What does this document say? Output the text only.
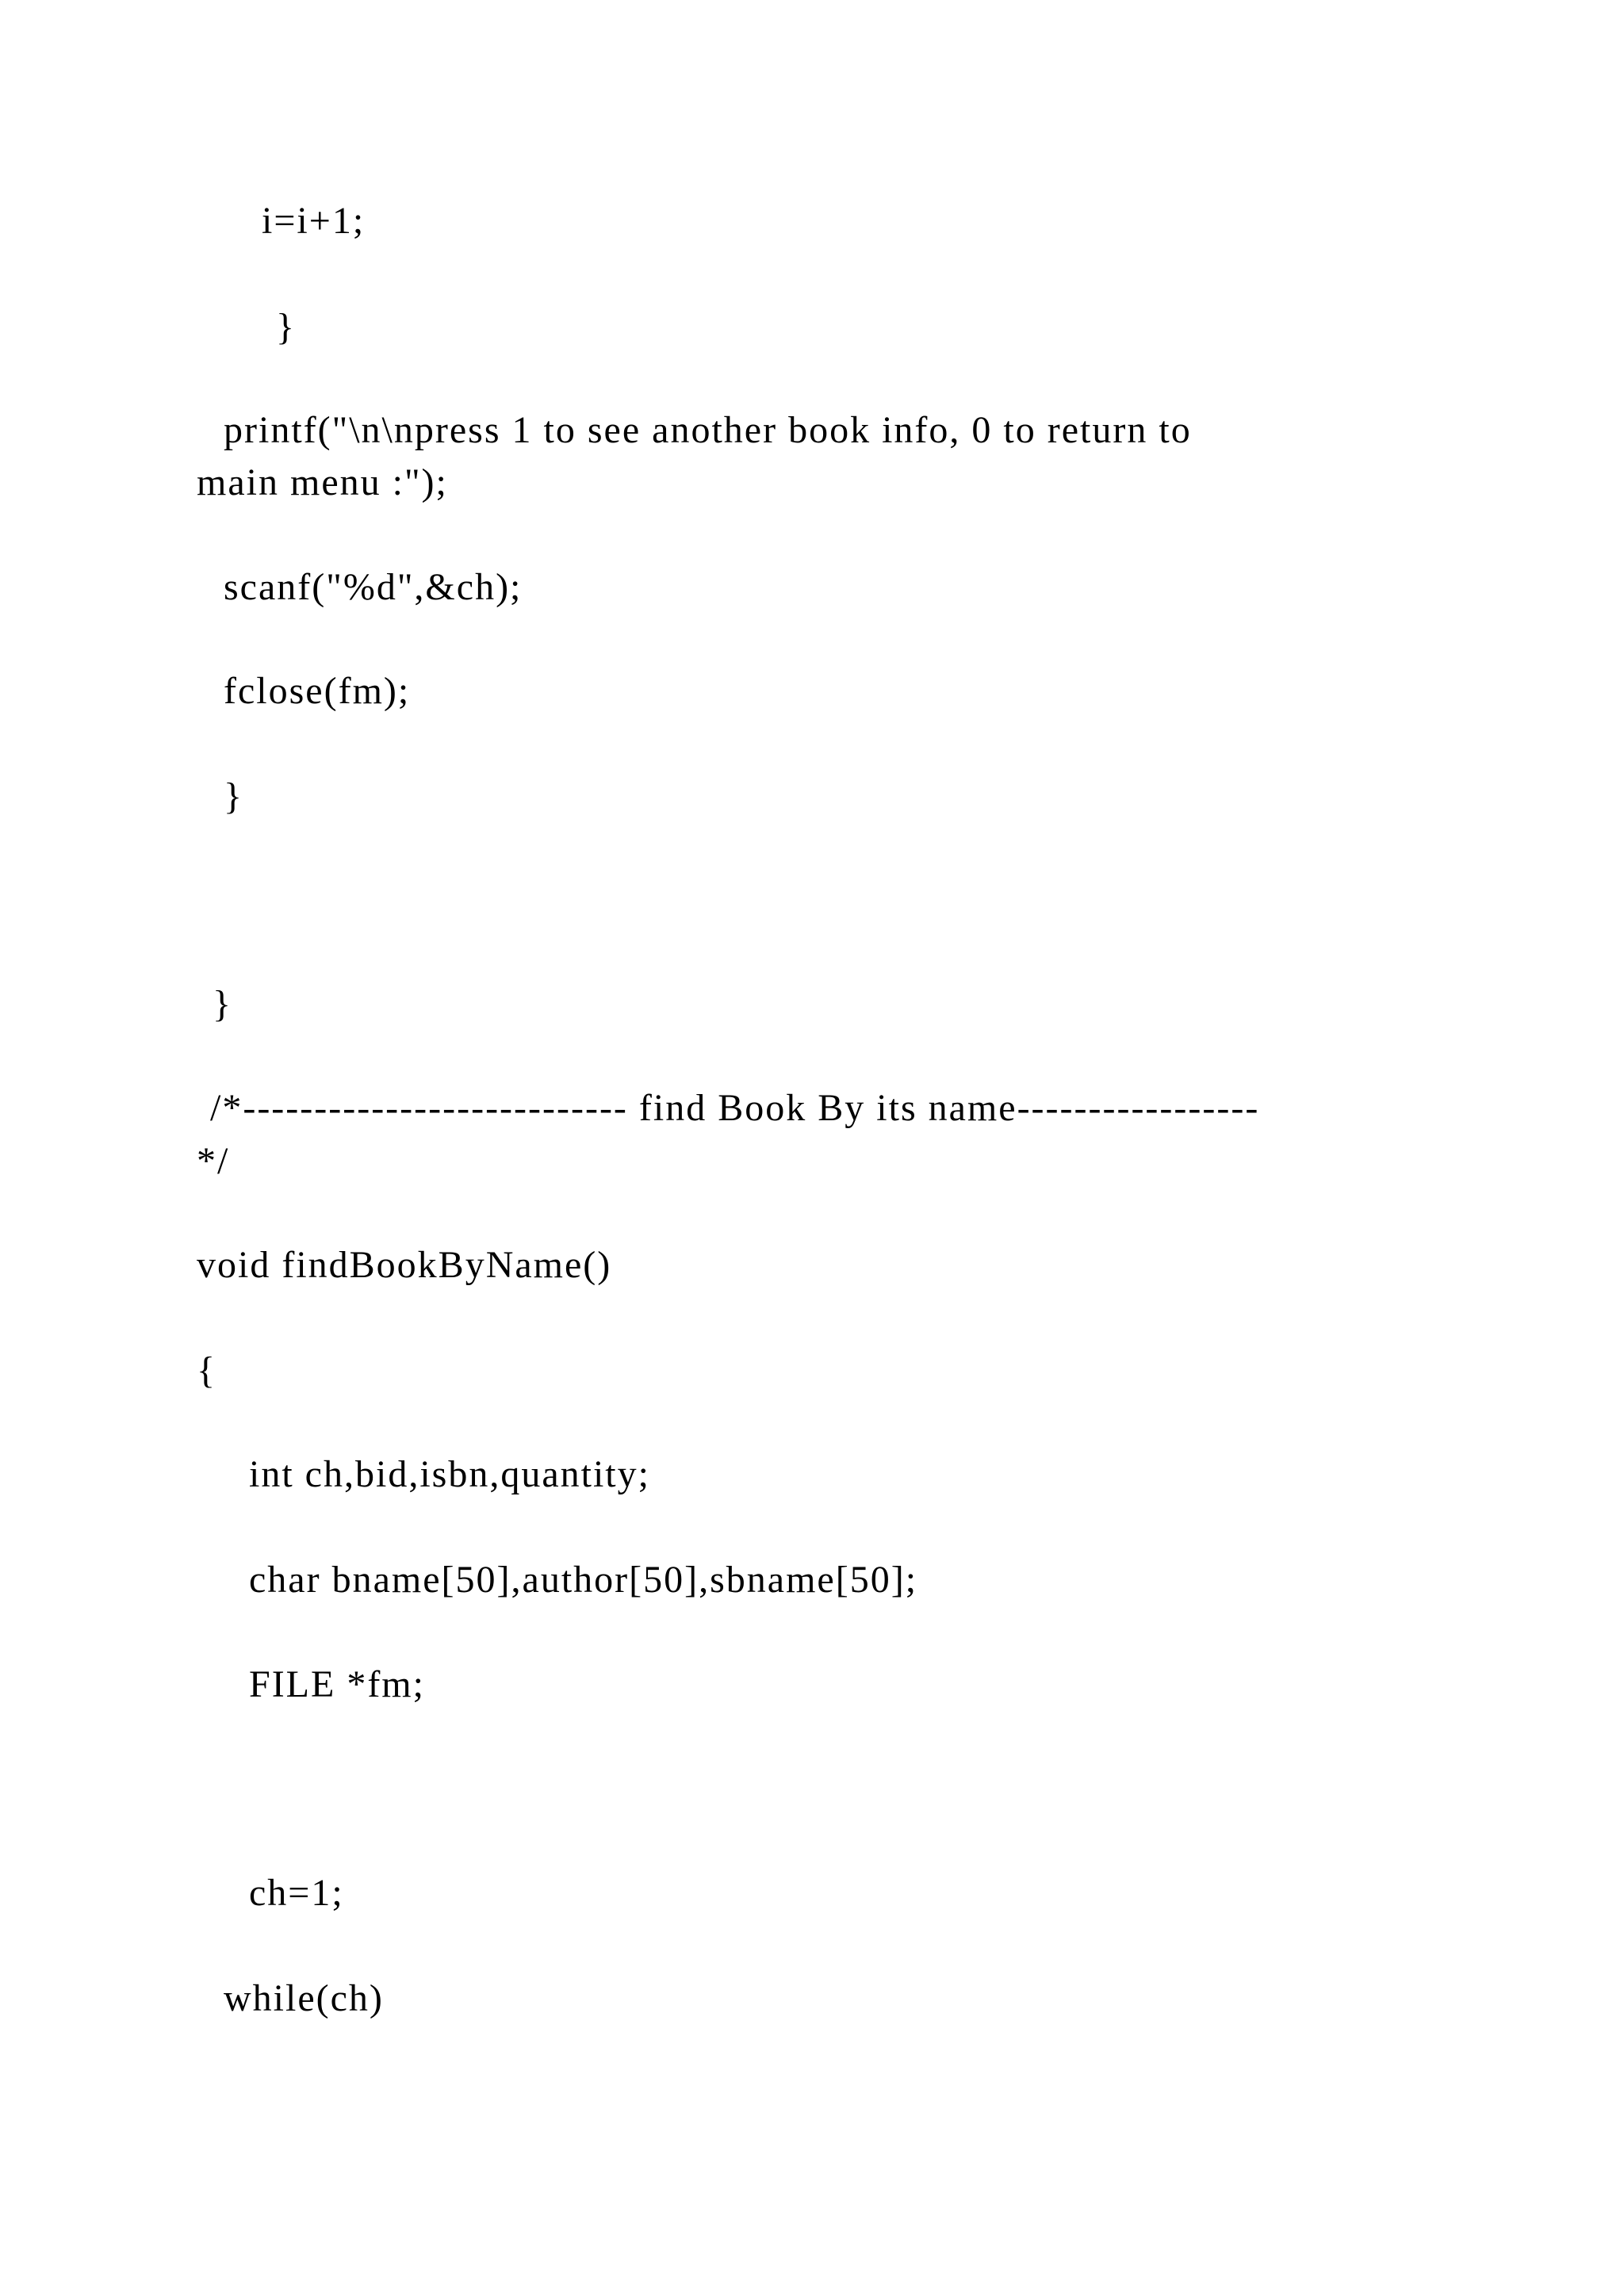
i=i+1;

}

printf("\n\npress 1 to see another book info, 0 to return to

main menu :");

scanf("%d",&ch);

fclose(fm);

}

}

/*--------------------------- find Book By its name-----------------

*/

void findBookByName()

{

int ch,bid,isbn,quantity;

char bname[50],author[50],sbname[50];

FILE *fm;

ch=1;

while(ch)
